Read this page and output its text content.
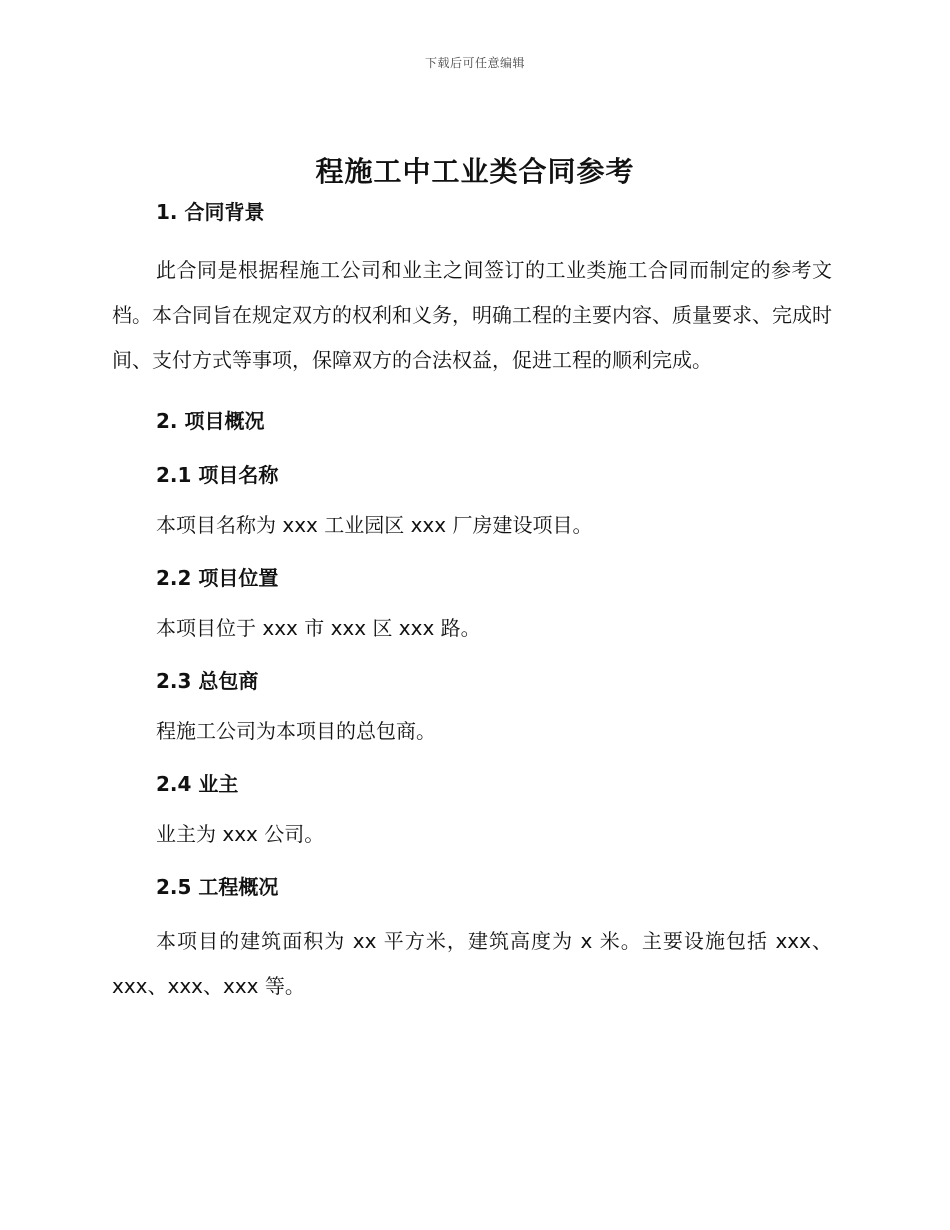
下载后可任意编辑
程施工中工业类合同参考
1. 合同背景

此合同是根据程施工公司和业主之间签订的工业类施工合同而制定的参考文档。本合同旨在规定双方的权利和义务，明确工程的主要内容、质量要求、完成时间、支付方式等事项，保障双方的合法权益，促进工程的顺利完成。

2. 项目概况
2.1 项目名称

本项目名称为 xxx 工业园区 xxx 厂房建设项目。

2.2 项目位置

本项目位于 xxx 市 xxx 区 xxx 路。

2.3 总包商

程施工公司为本项目的总包商。

2.4 业主

业主为 xxx 公司。

2.5 工程概况

本项目的建筑面积为 xx 平方米，建筑高度为 x 米。主要设施包括 xxx、xxx、xxx、xxx 等。
